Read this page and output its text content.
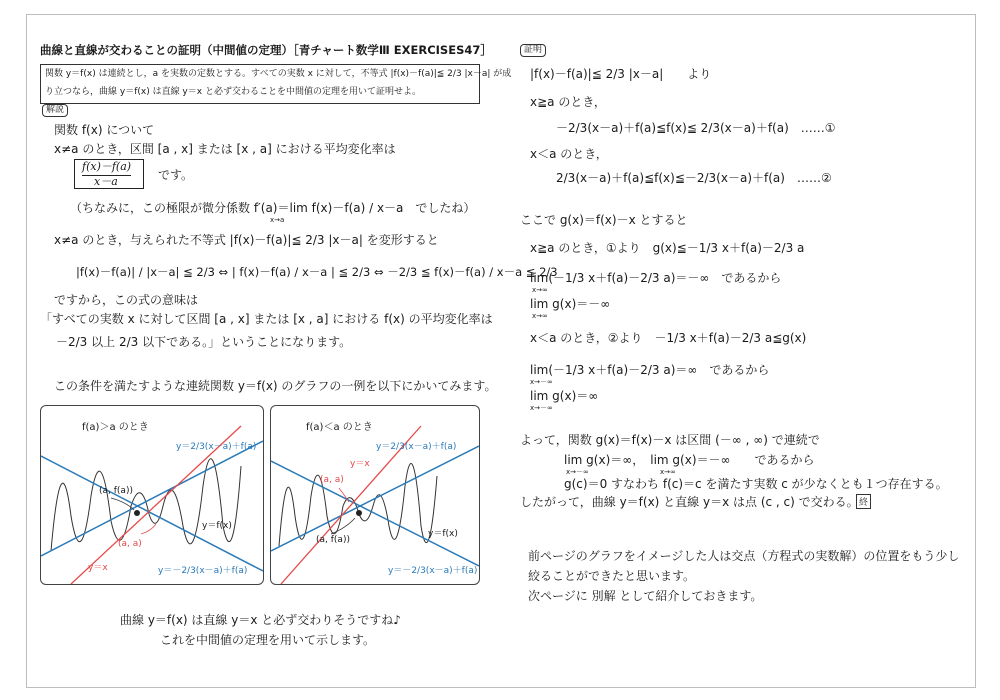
曲線と直線が交わることの証明（中間値の定理）［青チャート数学Ⅲ EXERCISES47］
関数 y＝f(x) は連続とし，a を実数の定数とする。すべての実数 x に対して，不等式 |f(x)－f(a)|≦ 2/3 |x－a| が成
り立つなら，曲線 y＝f(x) は直線 y＝x と必ず交わることを中間値の定理を用いて証明せよ。
解説
関数 f(x) について
x≠a のとき，区間 [a , x] または [x , a] における平均変化率は
f(x)－f(a)
x－a	です。
（ちなみに，この極限が微分係数 f′(a)＝lim f(x)－f(a) / x－a　でしたね）
x→a
x≠a のとき，与えられた不等式 |f(x)－f(a)|≦ 2/3 |x－a| を変形すると
|f(x)－f(a)| / |x－a| ≦ 2/3 ⇔ | f(x)－f(a) / x－a | ≦ 2/3 ⇔ －2/3 ≦ f(x)－f(a) / x－a ≦ 2/3
ですから，この式の意味は
「すべての実数 x に対して区間 [a , x] または [x , a] における f(x) の平均変化率は
－2/3 以上 2/3 以下である。」ということになります。
この条件を満たすような連続関数 y＝f(x) のグラフの一例を以下にかいてみます。
f(a)＞a のとき
y＝2/3(x－a)＋f(a)
(a, f(a))
y＝f(x)
(a, a)
y＝x	y＝－2/3(x－a)＋f(a)
f(a)＜a のとき
y＝2/3(x－a)＋f(a)
y＝x
(a, a)
y＝f(x)
(a, f(a))
y＝－2/3(x－a)＋f(a)
曲線 y＝f(x) は直線 y＝x と必ず交わりそうですね♪
これを中間値の定理を用いて示します。
証明
|f(x)－f(a)|≦ 2/3 |x－a|　　より
x≧a のとき，
－2/3(x－a)＋f(a)≦f(x)≦ 2/3(x－a)＋f(a)　……①
x＜a のとき，
2/3(x－a)＋f(a)≦f(x)≦－2/3(x－a)＋f(a)　……②
ここで g(x)＝f(x)－x とすると
x≧a のとき，①より　g(x)≦－1/3 x＋f(a)－2/3 a
lim(－1/3 x＋f(a)－2/3 a)＝－∞　であるから
x→∞
lim g(x)＝－∞
x→∞
x＜a のとき，②より　－1/3 x＋f(a)－2/3 a≦g(x)
lim(－1/3 x＋f(a)－2/3 a)＝∞　であるから
x→－∞
lim g(x)＝∞
x→－∞
よって，関数 g(x)＝f(x)－x は区間 (－∞ , ∞) で連続で
lim g(x)＝∞，　lim g(x)＝－∞　　であるから
x→－∞	x→∞
g(c)＝0 すなわち f(c)＝c を満たす実数 c が少なくとも１つ存在する。
したがって，曲線 y＝f(x) と直線 y＝x は点 (c , c) で交わる。 終
前ページのグラフをイメージした人は交点（方程式の実数解）の位置をもう少し
絞ることができたと思います。
次ページに 別解 として紹介しておきます。
